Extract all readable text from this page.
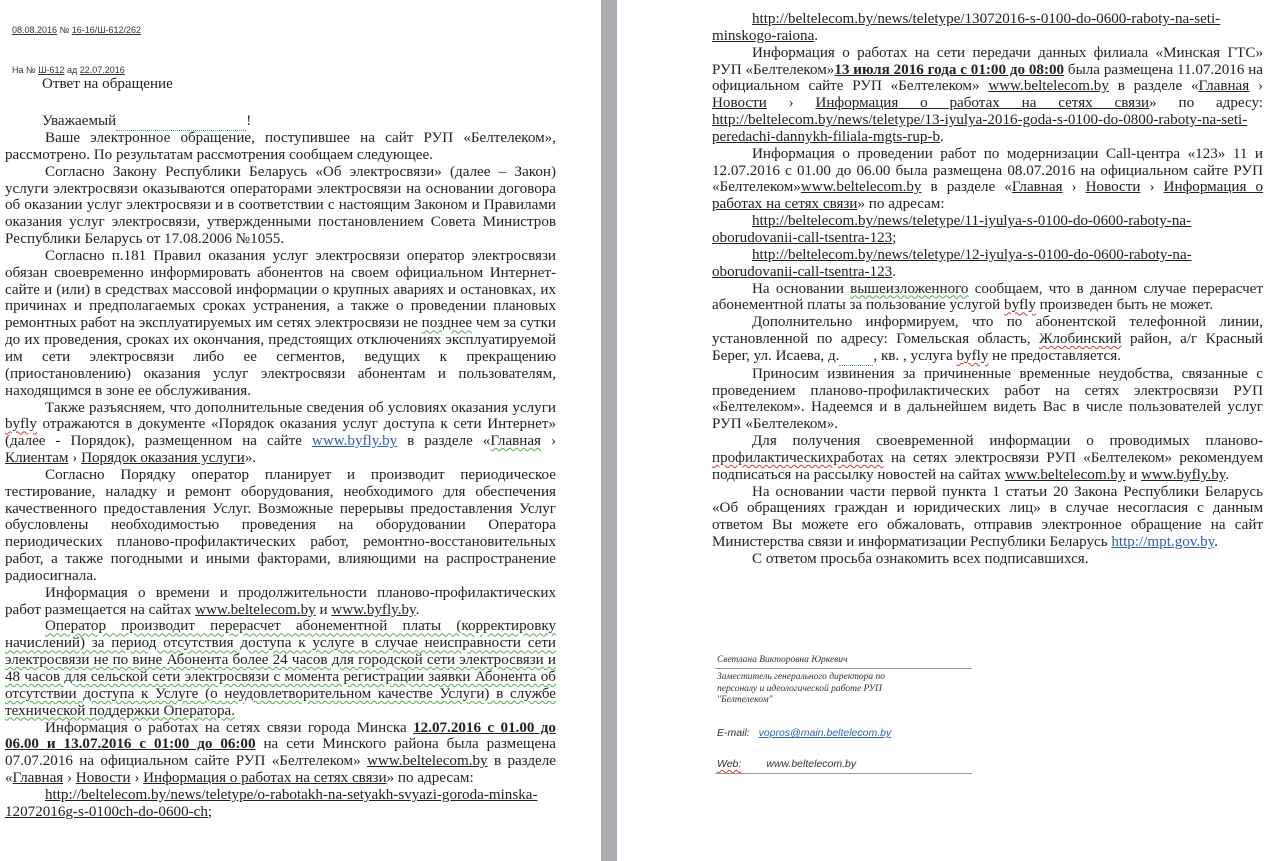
08.08.2016 № 16-16/Ш-612/262
На № Ш-612 ад 22.07.2016
Ответ на обращение
Уважаемый	!

Ваше электронное обращение, поступившее на сайт РУП «Белтелеком», рассмотрено. По результатам рассмотрения сообщаем следующее.

Согласно Закону Республики Беларусь «Об электросвязи» (далее – Закон) услуги электросвязи оказываются операторами электросвязи на основании договора об оказании услуг электросвязи и в соответствии с настоящим Законом и Правилами оказания услуг электросвязи, утвержденными постановлением Совета Министров Республики Беларусь от 17.08.2006 №1055.

Согласно п.181 Правил оказания услуг электросвязи оператор электросвязи обязан своевременно информировать абонентов на своем официальном Интернет-сайте и (или) в средствах массовой информации о крупных авариях и остановках, их причинах и предполагаемых сроках устранения, а также о проведении плановых ремонтных работ на эксплуатируемых им сетях электросвязи не позднее чем за сутки до их проведения, сроках их окончания, предстоящих отключениях эксплуатируемой им сети электросвязи либо ее сегментов, ведущих к прекращению (приостановлению) оказания услуг электросвязи абонентам и пользователям, находящимся в зоне ее обслуживания.

Также разъясняем, что дополнительные сведения об условиях оказания услуги byfly отражаются в документе «Порядок оказания услуг доступа к сети Интернет» (далее - Порядок), размещенном на сайте www.byfly.by в разделе «Главная › Клиентам › Порядок оказания услуги».

Согласно Порядку оператор планирует и производит периодическое тестирование, наладку и ремонт оборудования, необходимого для обеспечения качественного предоставления Услуг. Возможные перерывы предоставления Услуг обусловлены необходимостью проведения на оборудовании Оператора периодических планово-профилактических работ, ремонтно-восстановительных работ, а также погодными и иными факторами, влияющими на распространение радиосигнала.

Информация о времени и продолжительности планово-профилактических работ размещается на сайтах www.beltelecom.by и www.byfly.by.

Оператор производит перерасчет абонементной платы (корректировку начислений) за период отсутствия доступа к услуге в случае неисправности сети электросвязи не по вине Абонента более 24 часов для городской сети электросвязи и 48 часов для сельской сети электросвязи с момента регистрации заявки Абонента об отсутствии доступа к Услуге (о неудовлетворительном качестве Услуги) в службе технической поддержки Оператора.

Информация о работах на сетях связи города Минска 12.07.2016 с 01.00 до 06.00 и 13.07.2016 с 01:00 до 06:00 на сети Минского района была размещена 07.07.2016 на официальном сайте РУП «Белтелеком» www.beltelecom.by в разделе «Главная › Новости › Информация о работах на сетях связи» по адресам:

http://beltelecom.by/news/teletype/o-rabotakh-na-setyakh-svyazi-goroda-minska-12072016g-s-0100ch-do-0600-ch;

http://beltelecom.by/news/teletype/13072016-s-0100-do-0600-raboty-na-seti-minskogo-raiona.

Информация о работах на сети передачи данных филиала «Минская ГТС» РУП «Белтелеком»13 июля 2016 года с 01:00 до 08:00 была размещена 11.07.2016 на официальном сайте РУП «Белтелеком» www.beltelecom.by в разделе «Главная › Новости › Информация о работах на сетях связи» по адресу: http://beltelecom.by/news/teletype/13-iyulya-2016-goda-s-0100-do-0800-raboty-na-seti-peredachi-dannykh-filiala-mgts-rup-b.

Информация о проведении работ по модернизации Call-центра «123» 11 и 12.07.2016 с 01.00 до 06.00 была размещена 08.07.2016 на официальном сайте РУП «Белтелеком»www.beltelecom.by в разделе «Главная › Новости › Информация о работах на сетях связи» по адресам:

http://beltelecom.by/news/teletype/11-iyulya-s-0100-do-0600-raboty-na-oborudovanii-call-tsentra-123;

http://beltelecom.by/news/teletype/12-iyulya-s-0100-do-0600-raboty-na-oborudovanii-call-tsentra-123.

На основании вышеизложенного сообщаем, что в данном случае перерасчет абонементной платы за пользование услугой byfly произведен быть не может.

Дополнительно информируем, что по абонентской телефонной линии, установленной по адресу: Гомельская область, Жлобинский район, а/г Красный Берег, ул. Исаева, д. , кв. , услуга byfly не предоставляется.

Приносим извинения за причиненные временные неудобства, связанные с проведением планово-профилактических работ на сетях электросвязи РУП «Белтелеком». Надеемся и в дальнейшем видеть Вас в числе пользователей услуг РУП «Белтелеком».

Для получения своевременной информации о проводимых планово-профилактическихработах на сетях электросвязи РУП «Белтелеком» рекомендуем подписаться на рассылку новостей на сайтах www.beltelecom.by и www.byfly.by.

На основании части первой пункта 1 статьи 20 Закона Республики Беларусь «Об обращениях граждан и юридических лиц» в случае несогласия с данным ответом Вы можете его обжаловать, отправив электронное обращение на сайт Министерства связи и информатизации Республики Беларусь http://mpt.gov.by.

С ответом просьба ознакомить всех подписавшихся.

Светлана Викторовна Юркевич
Заместитель генерального директора по
персоналу и идеологической работе РУП
"Белтелеком"
E-mail: vopros@main.beltelecom.by
Web: www.beltelecom.by
